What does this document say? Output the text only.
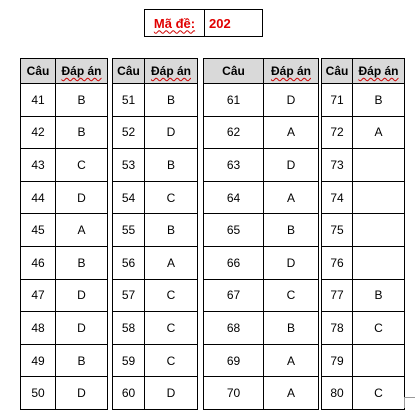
Mã đề:	202
Câu	Đáp án
41	B
42	B
43	C
44	D
45	A
46	B
47	D
48	D
49	B
50	D
Câu	Đáp án
51	B
52	D
53	B
54	C
55	B
56	A
57	C
58	C
59	C
60	D
Câu	Đáp án
61	D
62	A
63	D
64	A
65	B
66	D
67	C
68	B
69	A
70	A
Câu	Đáp án
71	B
72	A
73	
74	
75	
76	
77	B
78	C
79	
80	C
